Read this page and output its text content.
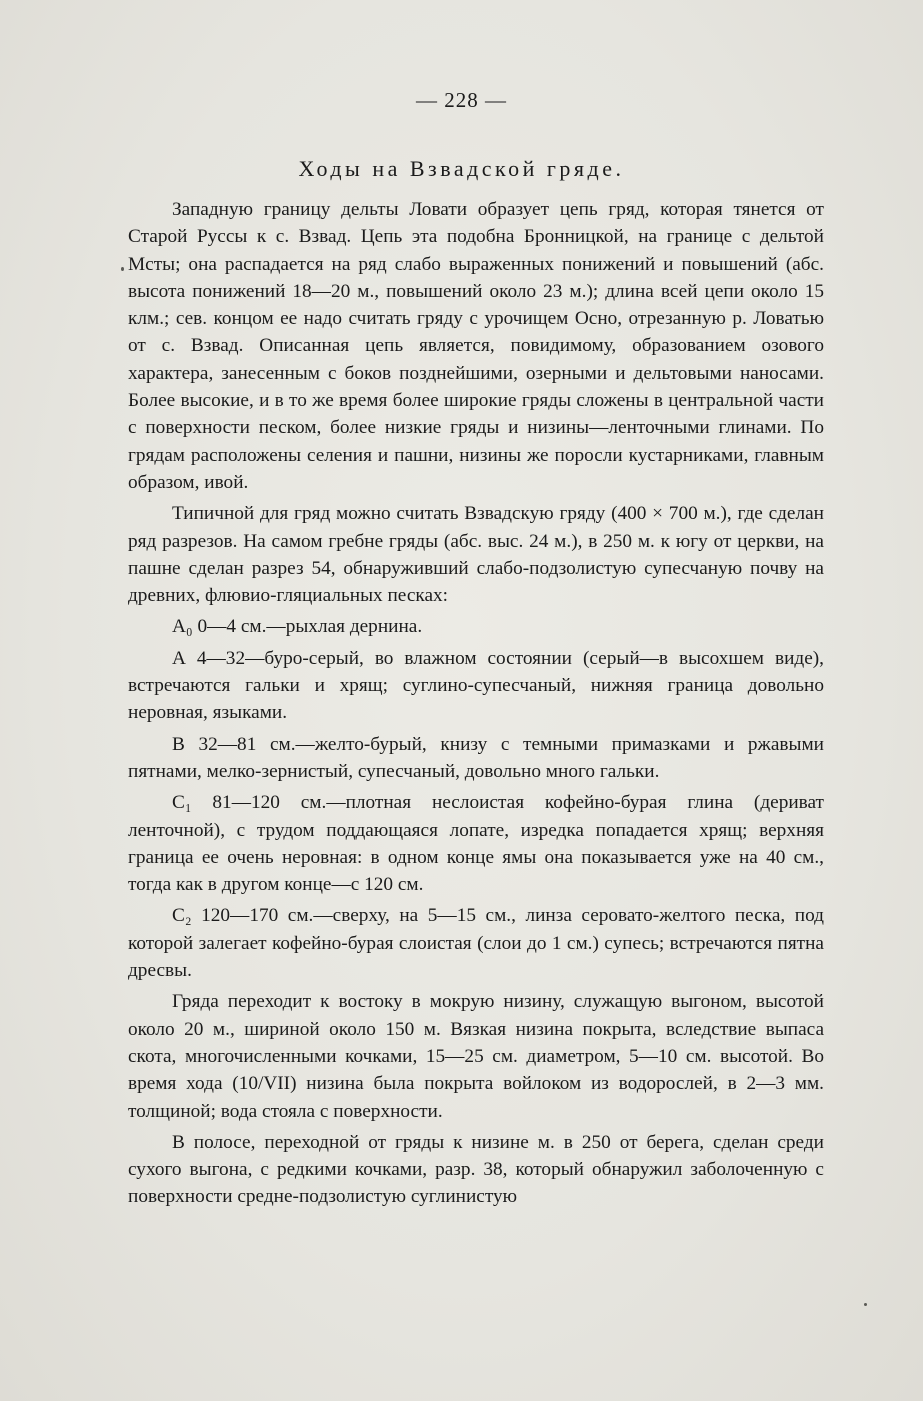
— 228 —
Ходы на Взвадской гряде.

Западную границу дельты Ловати образует цепь гряд, которая тянется от Старой Руссы к с. Взвад. Цепь эта подобна Бронницкой, на границе с дельтой Мсты; она распадается на ряд слабо выраженных понижений и повышений (абс. высота понижений 18—20 м., повышений около 23 м.); длина всей цепи около 15 клм.; сев. концом ее надо считать гряду с урочищем Осно, отрезанную р. Ловатью от с. Взвад. Описанная цепь является, повидимому, образованием озового характера, занесенным с боков позднейшими, озерными и дельтовыми наносами. Более высокие, и в то же время более широкие гряды сложены в центральной части с поверхности песком, более низкие гряды и низины—ленточными глинами. По грядам расположены селения и пашни, низины же поросли кустарниками, главным образом, ивой.

Типичной для гряд можно считать Взвадскую гряду (400 × 700 м.), где сделан ряд разрезов. На самом гребне гряды (абс. выс. 24 м.), в 250 м. к югу от церкви, на пашне сделан разрез 54, обнаруживший слабо-подзолистую супесчаную почву на древних, флювио-гляциальных песках:

А₀ 0—4 см.—рыхлая дернина.

А 4—32—буро-серый, во влажном состоянии (серый—в высохшем виде), встречаются гальки и хрящ; суглино-супесчаный, нижняя граница довольно неровная, языками.

В 32—81 см.—желто-бурый, книзу с темными примазками и ржавыми пятнами, мелко-зернистый, супесчаный, довольно много гальки.

С₁ 81—120 см.—плотная неслоистая кофейно-бурая глина (дериват ленточной), с трудом поддающаяся лопате, изредка попадается хрящ; верхняя граница ее очень неровная: в одном конце ямы она показывается уже на 40 см., тогда как в другом конце—с 120 см.

С₂ 120—170 см.—сверху, на 5—15 см., линза серовато-желтого песка, под которой залегает кофейно-бурая слоистая (слои до 1 см.) супесь; встречаются пятна дресвы.

Гряда переходит к востоку в мокрую низину, служащую выгоном, высотой около 20 м., шириной около 150 м. Вязкая низина покрыта, вследствие выпаса скота, многочисленными кочками, 15—25 см. диаметром, 5—10 см. высотой. Во время хода (10/VII) низина была покрыта войлоком из водорослей, в 2—3 мм. толщиной; вода стояла с поверхности.

В полосе, переходной от гряды к низине м. в 250 от берега, сделан среди сухого выгона, с редкими кочками, разр. 38, который обнаружил заболоченную с поверхности средне-подзолистую суглинистую
